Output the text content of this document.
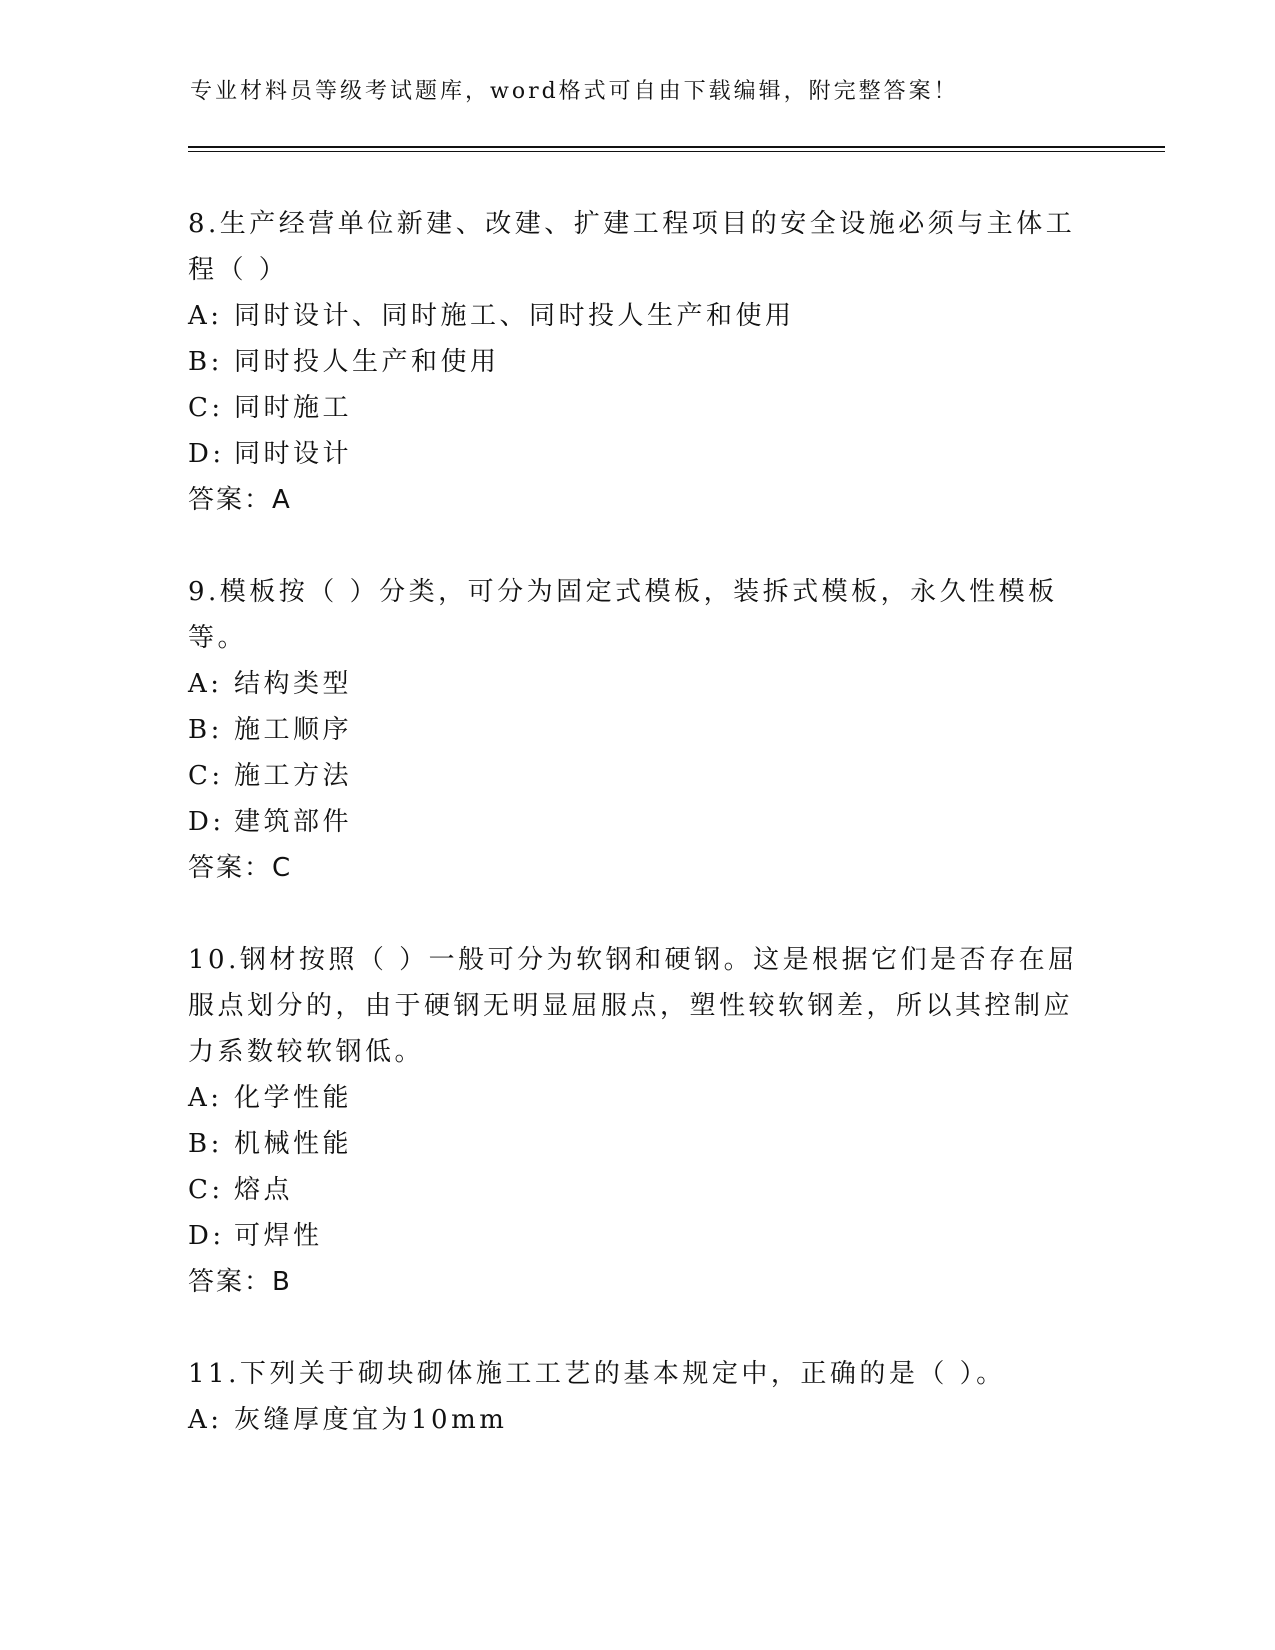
专业材料员等级考试题库，word格式可自由下载编辑，附完整答案！
8.生产经营单位新建、改建、扩建工程项目的安全设施必须与主体工程（ ）
A: 同时设计、同时施工、同时投人生产和使用
B: 同时投人生产和使用
C: 同时施工
D: 同时设计
答案：A
9.模板按（ ）分类，可分为固定式模板，装拆式模板，永久性模板等。
A: 结构类型
B: 施工顺序
C: 施工方法
D: 建筑部件
答案：C
10.钢材按照（ ）一般可分为软钢和硬钢。这是根据它们是否存在屈服点划分的，由于硬钢无明显屈服点，塑性较软钢差，所以其控制应力系数较软钢低。
A: 化学性能
B: 机械性能
C: 熔点
D: 可焊性
答案：B
11.下列关于砌块砌体施工工艺的基本规定中，正确的是（ ）。
A: 灰缝厚度宜为10mm
